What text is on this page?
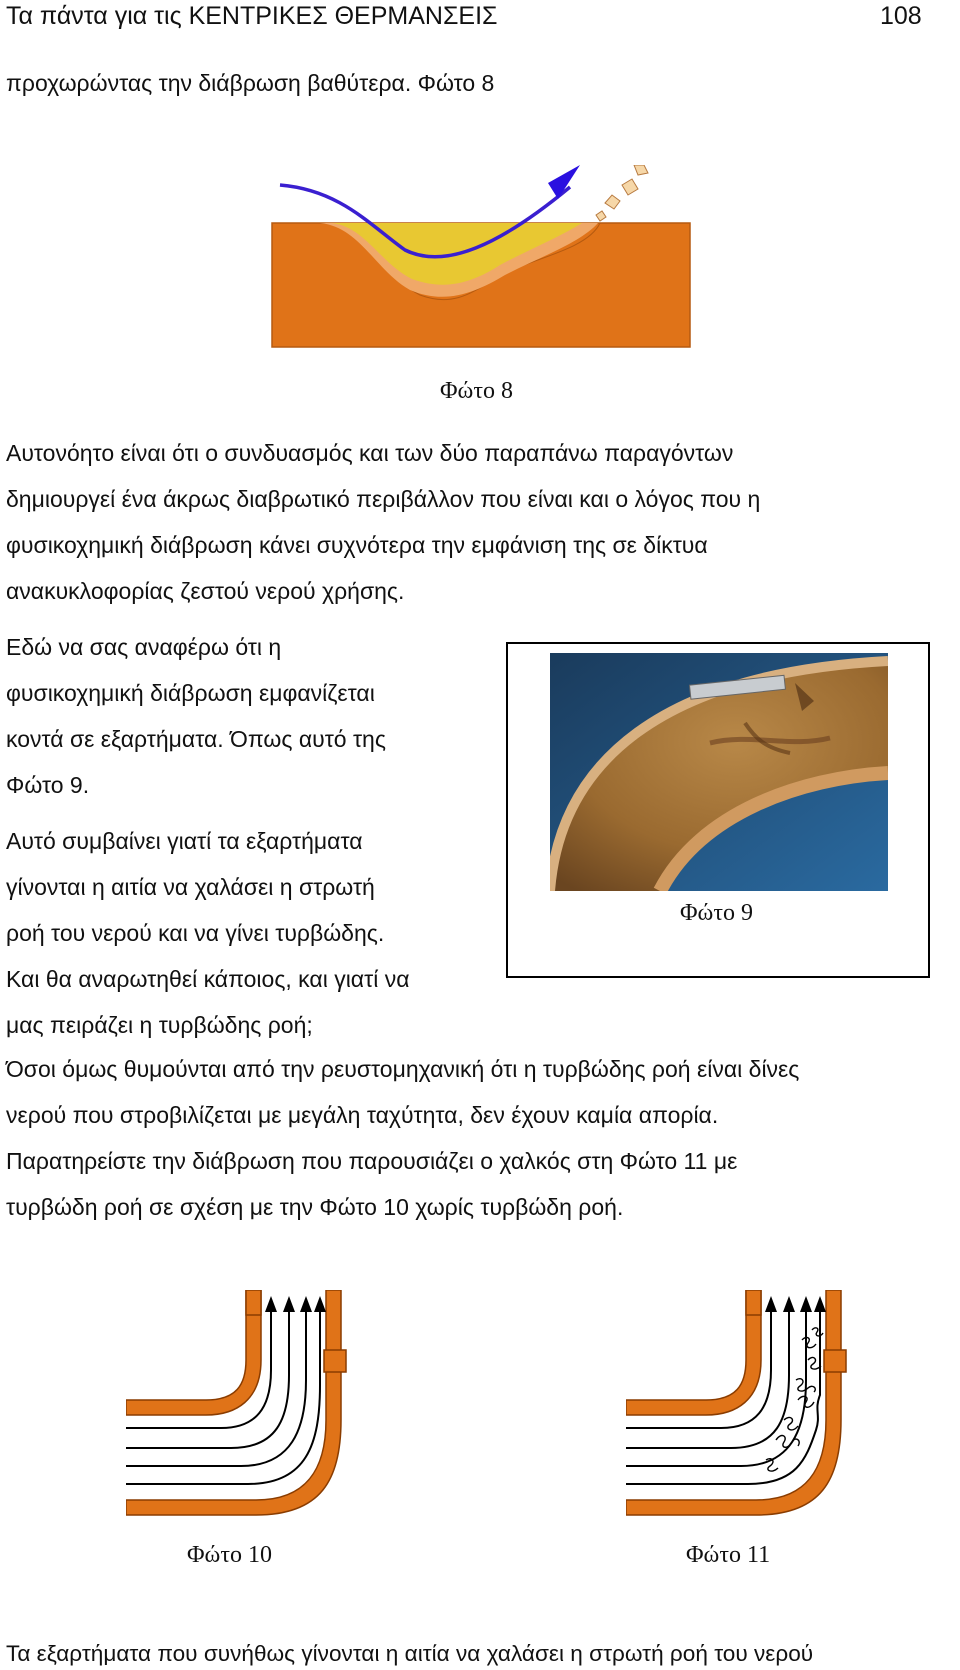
Τα πάντα για τις ΚΕΝΤΡΙΚΕΣ ΘΕΡΜΑΝΣΕΙΣ	108
προχωρώντας την διάβρωση βαθύτερα. Φώτο 8
Φώτο 8
Αυτονόητο είναι ότι ο συνδυασμός και των δύο παραπάνω παραγόντων
δημιουργεί ένα άκρως διαβρωτικό περιβάλλον που είναι και ο λόγος που η
φυσικοχημική διάβρωση κάνει συχνότερα την εμφάνιση της σε δίκτυα
ανακυκλοφορίας ζεστού νερού χρήσης.
Εδώ να σας αναφέρω ότι η
φυσικοχημική διάβρωση εμφανίζεται
κοντά σε εξαρτήματα. Όπως αυτό της
Φώτο 9.
Αυτό συμβαίνει γιατί τα εξαρτήματα
γίνονται η αιτία να χαλάσει η στρωτή
ροή του νερού και να γίνει τυρβώδης.
Και θα αναρωτηθεί κάποιος, και γιατί να
μας πειράζει η τυρβώδης ροή;
Φώτο 9
Όσοι όμως θυμούνται από την ρευστομηχανική ότι η τυρβώδης ροή είναι δίνες
νερού που στροβιλίζεται με μεγάλη ταχύτητα, δεν έχουν καμία απορία.
Παρατηρείστε την διάβρωση που παρουσιάζει ο χαλκός στη Φώτο 11 με
τυρβώδη ροή σε σχέση με την Φώτο 10 χωρίς τυρβώδη ροή.
Φώτο 10	Φώτο 11
Τα εξαρτήματα που συνήθως γίνονται η αιτία να χαλάσει η στρωτή ροή του νερού
